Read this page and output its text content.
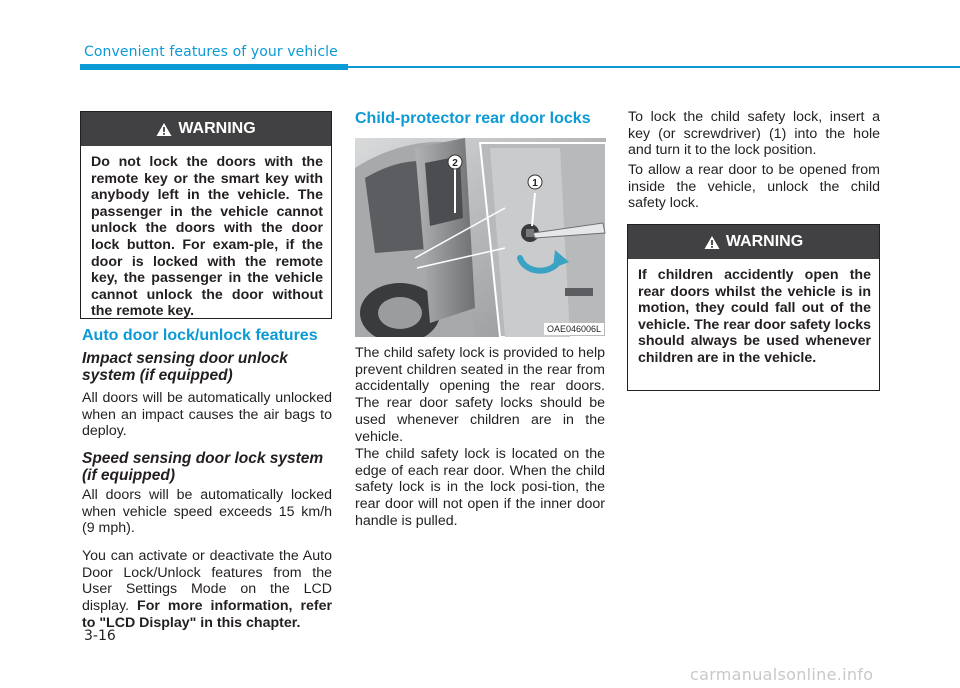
Convenient features of your vehicle
WARNING
Do not lock the doors with the remote key or the smart key with anybody left in the vehicle. The passenger in the vehicle cannot unlock the doors with the door lock button. For exam-ple, if the door is locked with the remote key, the passenger in the vehicle cannot unlock the door without the remote key.
Auto door lock/unlock features
Impact sensing door unlock system (if equipped)
All doors will be automatically unlocked when an impact causes the air bags to deploy.
Speed sensing door lock system (if equipped)
All doors will be automatically locked when vehicle speed exceeds 15 km/h (9 mph).
You can activate or deactivate the Auto Door Lock/Unlock features from the User Settings Mode on the LCD display. For more information, refer to "LCD Display" in this chapter.
Child-protector rear door locks
2
1
OAE046006L
The child safety lock is provided to help prevent children seated in the rear from accidentally opening the rear doors. The rear door safety locks should be used whenever children are in the vehicle.
The child safety lock is located on the edge of each rear door. When the child safety lock is in the lock posi-tion, the rear door will not open if the inner door handle is pulled.
To lock the child safety lock, insert a key (or screwdriver) (1) into the hole and turn it to the lock position.
To allow a rear door to be opened from inside the vehicle, unlock the child safety lock.
WARNING
If children accidently open the rear doors whilst the vehicle is in motion, they could fall out of the vehicle. The rear door safety locks should always be used whenever children are in the vehicle.
3-16
carmanualsonline.info
